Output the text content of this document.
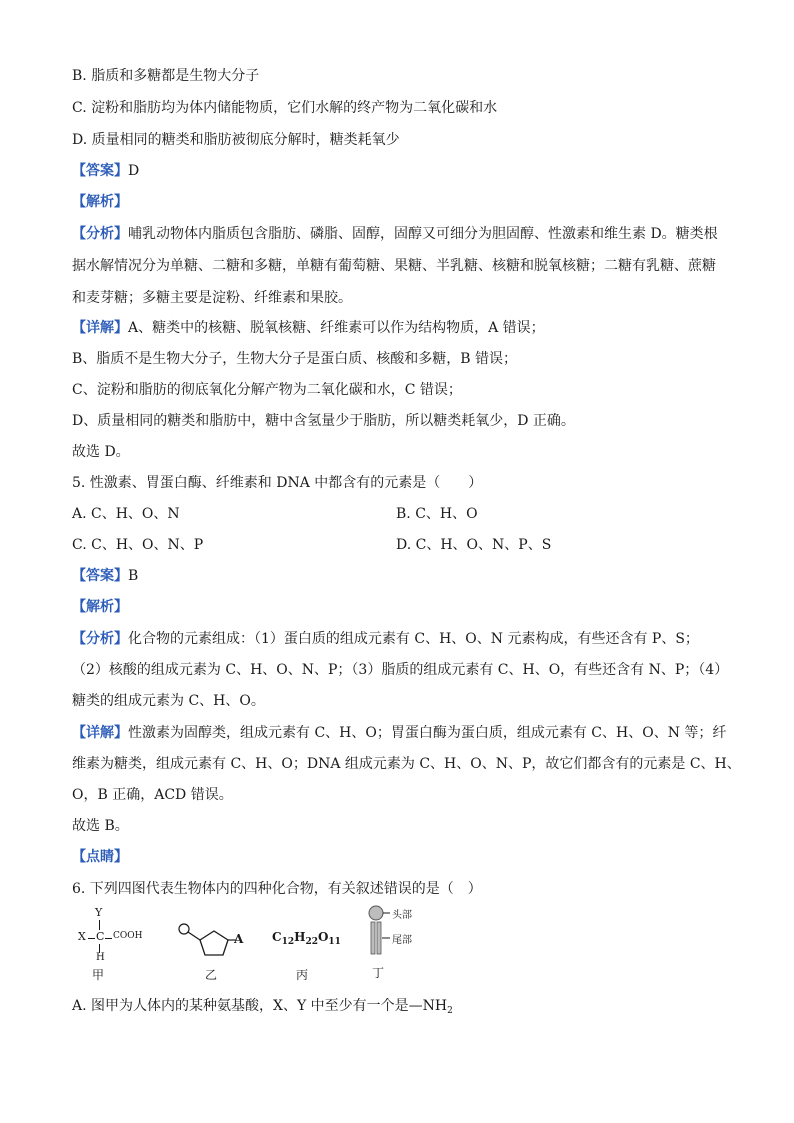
B. 脂质和多糖都是生物大分子
C. 淀粉和脂肪均为体内储能物质，它们水解的终产物为二氧化碳和水
D. 质量相同的糖类和脂肪被彻底分解时，糖类耗氧少
【答案】D
【解析】
【分析】哺乳动物体内脂质包含脂肪、磷脂、固醇，固醇又可细分为胆固醇、性激素和维生素 D。糖类根
据水解情况分为单糖、二糖和多糖，单糖有葡萄糖、果糖、半乳糖、核糖和脱氧核糖；二糖有乳糖、蔗糖
和麦芽糖；多糖主要是淀粉、纤维素和果胶。
【详解】A、糖类中的核糖、脱氧核糖、纤维素可以作为结构物质，A 错误；
B、脂质不是生物大分子，生物大分子是蛋白质、核酸和多糖，B 错误；
C、淀粉和脂肪的彻底氧化分解产物为二氧化碳和水，C 错误；
D、质量相同的糖类和脂肪中，糖中含氢量少于脂肪，所以糖类耗氧少，D 正确。
故选 D。
5. 性激素、胃蛋白酶、纤维素和 DNA 中都含有的元素是（　　）
A. C、H、O、N	B. C、H、O
C. C、H、O、N、P	D. C、H、O、N、P、S
【答案】B
【解析】
【分析】化合物的元素组成：（1）蛋白质的组成元素有 C、H、O、N 元素构成，有些还含有 P、S；
（2）核酸的组成元素为 C、H、O、N、P；（3）脂质的组成元素有 C、H、O，有些还含有 N、P；（4）
糖类的组成元素为 C、H、O。
【详解】性激素为固醇类，组成元素有 C、H、O；胃蛋白酶为蛋白质，组成元素有 C、H、O、N 等；纤
维素为糖类，组成元素有 C、H、O；DNA 组成元素为 C、H、O、N、P，故它们都含有的元素是 C、H、
O，B 正确，ACD 错误。
故选 B。
【点睛】
6. 下列四图代表生物体内的四种化合物，有关叙述错误的是（　）
Y
X C COOH
H
甲
A
乙
$C_{12}H_{22}O_{11}$
丙
头部
尾部
丁
A. 图甲为人体内的某种氨基酸，X、Y 中至少有一个是$—NH_2$
